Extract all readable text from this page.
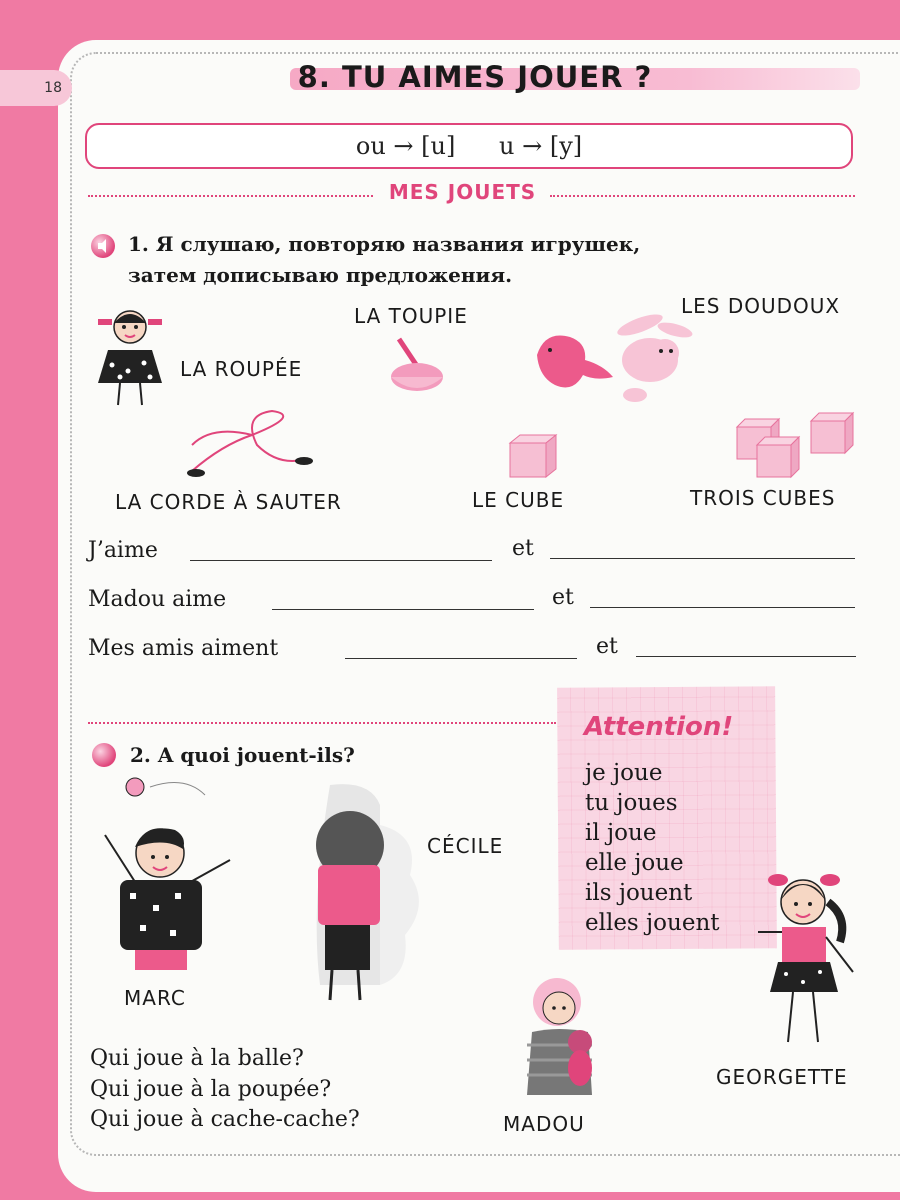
18	8. TU AIMES JOUER ?
ou → [u] u → [y]
MES JOUETS
1. Я слушаю, повторяю названия игрушек,
затем дописываю предложения.
LA ROUPÉE
LA TOUPIE	LES DOUDOUX
LA CORDE À SAUTER	LE CUBE	TROIS CUBES
J’aime	et
Madou aime	et
Mes amis aiment	et
2. A quoi jouent-ils?
Attention!
je joue
tu joues
il joue
elle joue
ils jouent
elles jouent
MARC
CÉCILE
MADOU
GEORGETTE
Qui joue à la balle?
Qui joue à la poupée?
Qui joue à cache-cache?
